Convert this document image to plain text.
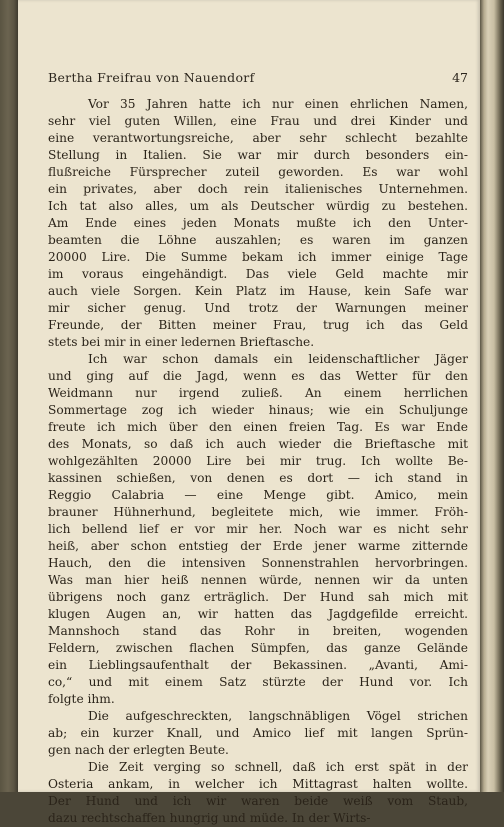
Bertha Freifrau von Nauendorf	47
Vor 35 Jahren hatte ich nur einen ehrlichen Namen,
sehr viel guten Willen, eine Frau und drei Kinder und
eine verantwortungsreiche, aber sehr schlecht bezahlte
Stellung in Italien. Sie war mir durch besonders ein-
flußreiche Fürsprecher zuteil geworden. Es war wohl
ein privates, aber doch rein italienisches Unternehmen.
Ich tat also alles, um als Deutscher würdig zu bestehen.
Am Ende eines jeden Monats mußte ich den Unter-
beamten die Löhne auszahlen; es waren im ganzen
20000 Lire. Die Summe bekam ich immer einige Tage
im voraus eingehändigt. Das viele Geld machte mir
auch viele Sorgen. Kein Platz im Hause, kein Safe war
mir sicher genug. Und trotz der Warnungen meiner
Freunde, der Bitten meiner Frau, trug ich das Geld
stets bei mir in einer ledernen Brieftasche.
Ich war schon damals ein leidenschaftlicher Jäger
und ging auf die Jagd, wenn es das Wetter für den
Weidmann nur irgend zuließ. An einem herrlichen
Sommertage zog ich wieder hinaus; wie ein Schuljunge
freute ich mich über den einen freien Tag. Es war Ende
des Monats, so daß ich auch wieder die Brieftasche mit
wohlgezählten 20000 Lire bei mir trug. Ich wollte Be-
kassinen schießen, von denen es dort — ich stand in
Reggio Calabria — eine Menge gibt. Amico, mein
brauner Hühnerhund, begleitete mich, wie immer. Fröh-
lich bellend lief er vor mir her. Noch war es nicht sehr
heiß, aber schon entstieg der Erde jener warme zitternde
Hauch, den die intensiven Sonnenstrahlen hervorbringen.
Was man hier heiß nennen würde, nennen wir da unten
übrigens noch ganz erträglich. Der Hund sah mich mit
klugen Augen an, wir hatten das Jagdgefilde erreicht.
Mannshoch stand das Rohr in breiten, wogenden
Feldern, zwischen flachen Sümpfen, das ganze Gelände
ein Lieblingsaufenthalt der Bekassinen. „Avanti, Ami-
co,“ und mit einem Satz stürzte der Hund vor. Ich
folgte ihm.
Die aufgeschreckten, langschnäbligen Vögel strichen
ab; ein kurzer Knall, und Amico lief mit langen Sprün-
gen nach der erlegten Beute.
Die Zeit verging so schnell, daß ich erst spät in der
Osteria ankam, in welcher ich Mittagrast halten wollte.
Der Hund und ich wir waren beide weiß vom Staub,
dazu rechtschaffen hungrig und müde. In der Wirts-
